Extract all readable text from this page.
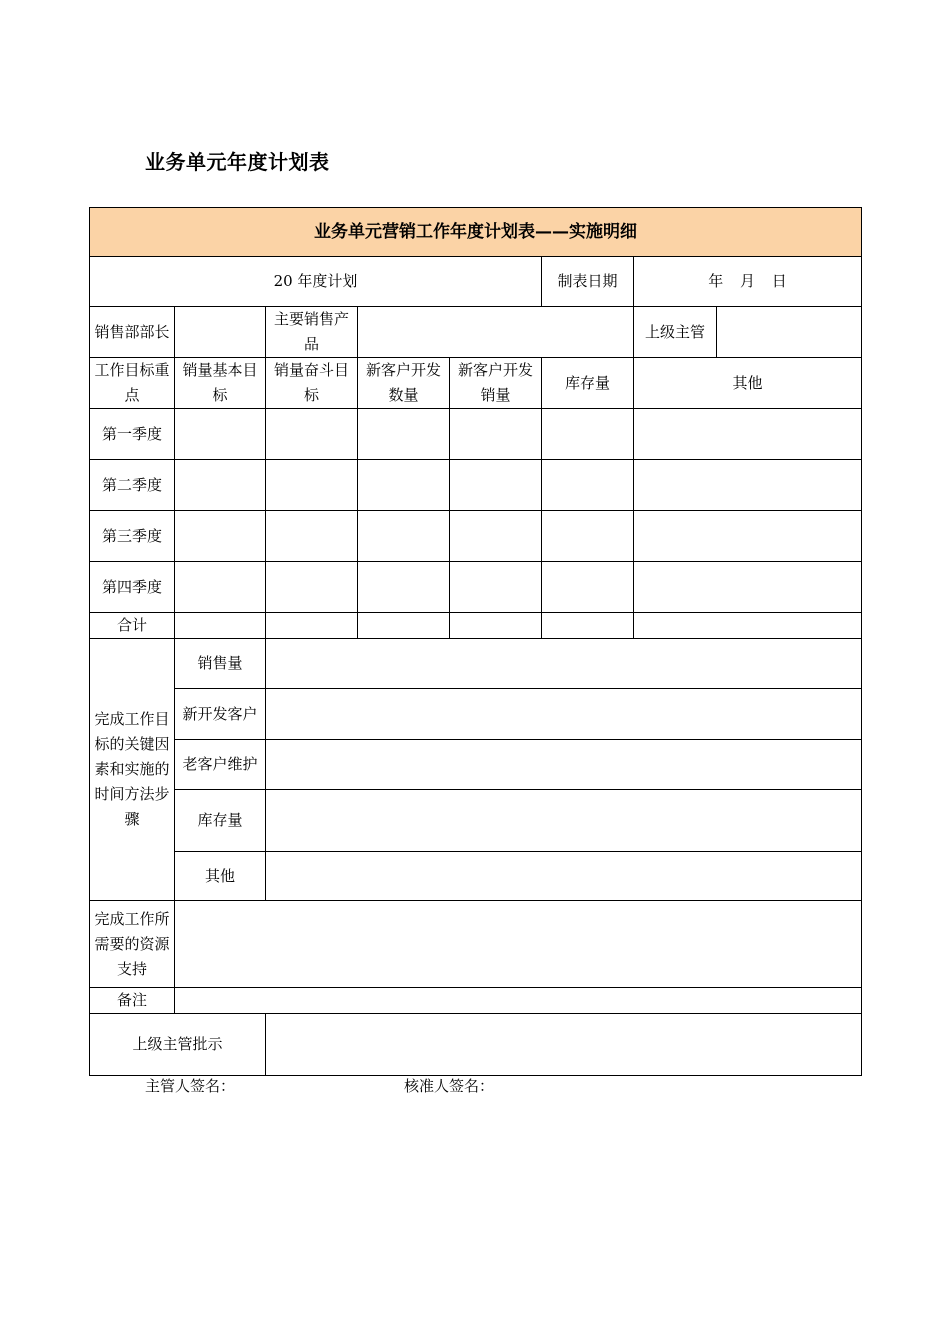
业务单元年度计划表
业务单元营销工作年度计划表——实施明细							
20 年度计划					制表日期	年 月 日	
销售部部长		主要销售产品				上级主管	
工作目标重点	销量基本目标	销量奋斗目标	新客户开发数量	新客户开发销量	库存量	其他	
第一季度							
第二季度							
第三季度							
第四季度							
合计							
完成工作目标的关键因素和实施的时间方法步骤	销售量						
	新开发客户						
	老客户维护						
	库存量						
	其他						
完成工作所需要的资源支持							
备注							
上级主管批示							
主管人签名：	核准人签名：
